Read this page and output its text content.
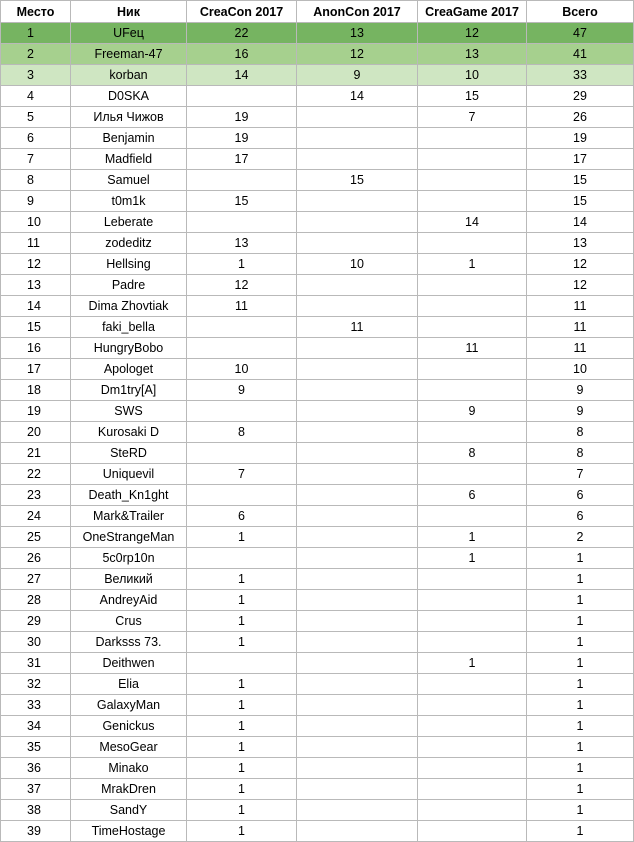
Место	Ник	CreaCon 2017	AnonCon 2017	CreaGame 2017	Всего
1	UFец	22	13	12	47
2	Freeman-47	16	12	13	41
3	korban	14	9	10	33
4	D0SKA		14	15	29
5	Илья Чижов	19		7	26
6	Benjamin	19			19
7	Madfield	17			17
8	Samuel		15		15
9	t0m1k	15			15
10	Leberate			14	14
11	zodeditz	13			13
12	Hellsing	1	10	1	12
13	Padre	12			12
14	Dima Zhovtiak	11			11
15	faki_bella		11		11
16	HungryBobo			11	11
17	Apologet	10			10
18	Dm1try[A]	9			9
19	SWS			9	9
20	Kurosaki D	8			8
21	SteRD			8	8
22	Uniquevil	7			7
23	Death_Kn1ght			6	6
24	Mark&Trailer	6			6
25	OneStrangeMan	1		1	2
26	5c0rp10n			1	1
27	Великий	1			1
28	AndreyAid	1			1
29	Crus	1			1
30	Darksss 73.	1			1
31	Deithwen			1	1
32	Elia	1			1
33	GalaxyMan	1			1
34	Genickus	1			1
35	MesoGear	1			1
36	Minako	1			1
37	MrakDren	1			1
38	SandY	1			1
39	TimeHostage	1			1
